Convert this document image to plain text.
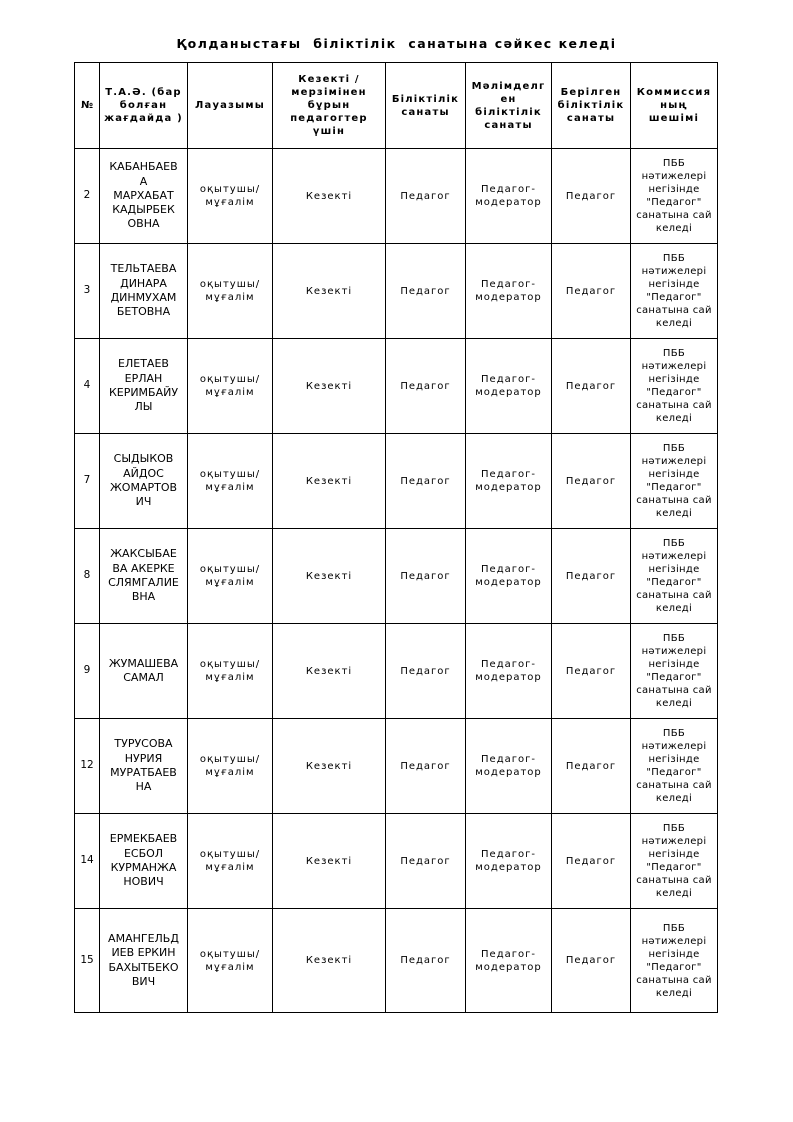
Қолданыстағы  біліктілік  санатына сәйкес келеді
№	Т.А.Ә. (бар болған жағдайда )	Лауазымы	Кезекті / мерзімінен бұрын педагогтер үшін	Біліктілік санаты	Мәлімделген біліктілік санаты	Берілген біліктілік санаты	Коммиссияның шешімі
2	КАБАНБАЕВА МАРХАБАТ КАДЫРБЕКОВНА	оқытушы/мұғалім	Кезекті	Педагог	Педагог-модератор	Педагог	ПББ нәтижелері негізінде "Педагог" санатына сай келеді
3	ТЕЛЬТАЕВА ДИНАРА ДИНМУХАМБЕТОВНА	оқытушы/мұғалім	Кезекті	Педагог	Педагог-модератор	Педагог	ПББ нәтижелері негізінде "Педагог" санатына сай келеді
4	ЕЛЕТАЕВ ЕРЛАН КЕРИМБАЙУЛЫ	оқытушы/мұғалім	Кезекті	Педагог	Педагог-модератор	Педагог	ПББ нәтижелері негізінде "Педагог" санатына сай келеді
7	СЫДЫКОВ АЙДОС ЖОМАРТОВИЧ	оқытушы/мұғалім	Кезекті	Педагог	Педагог-модератор	Педагог	ПББ нәтижелері негізінде "Педагог" санатына сай келеді
8	ЖАКСЫБАЕВА АКЕРКЕ СЛЯМГАЛИЕВНА	оқытушы/мұғалім	Кезекті	Педагог	Педагог-модератор	Педагог	ПББ нәтижелері негізінде "Педагог" санатына сай келеді
9	ЖУМАШЕВА САМАЛ	оқытушы/мұғалім	Кезекті	Педагог	Педагог-модератор	Педагог	ПББ нәтижелері негізінде "Педагог" санатына сай келеді
12	ТУРУСОВА НУРИЯ МУРАТБАЕВНА	оқытушы/мұғалім	Кезекті	Педагог	Педагог-модератор	Педагог	ПББ нәтижелері негізінде "Педагог" санатына сай келеді
14	ЕРМЕКБАЕВ ЕСБОЛ КУРМАНЖАНОВИЧ	оқытушы/мұғалім	Кезекті	Педагог	Педагог-модератор	Педагог	ПББ нәтижелері негізінде "Педагог" санатына сай келеді
15	АМАНГЕЛЬДИЕВ ЕРКИН БАХЫТБЕКОВИЧ	оқытушы/мұғалім	Кезекті	Педагог	Педагог-модератор	Педагог	ПББ нәтижелері негізінде "Педагог" санатына сай келеді
